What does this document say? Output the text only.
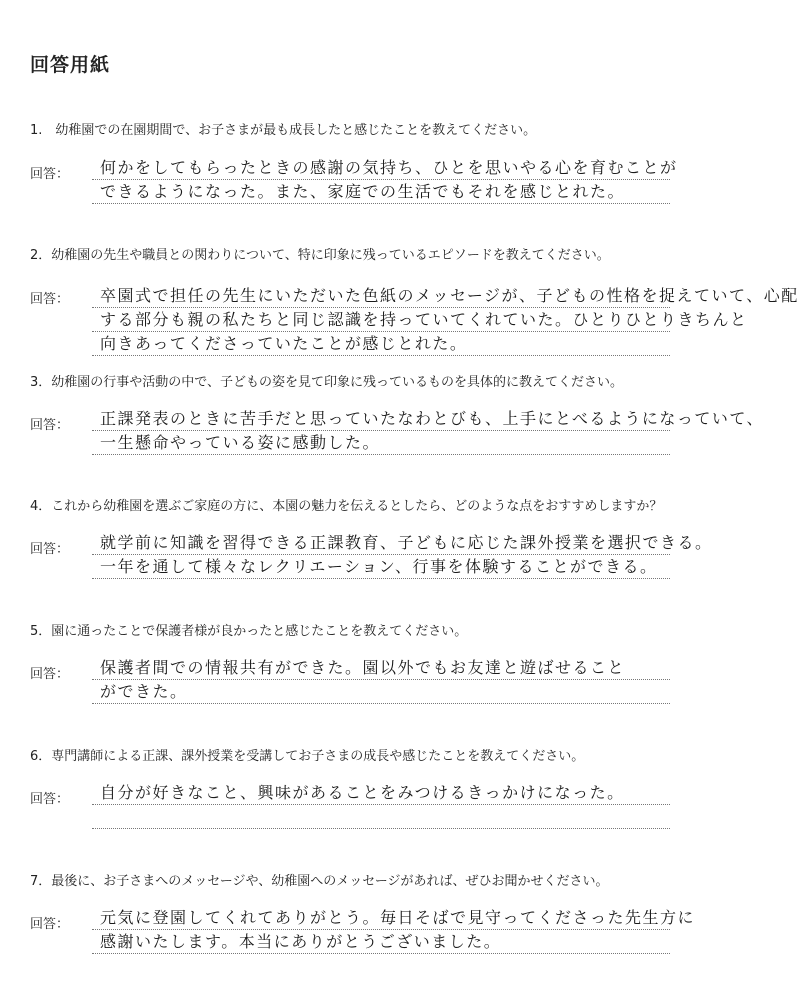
回答用紙
1.　幼稚園での在園期間で、お子さまが最も成長したと感じたことを教えてください。
回答： 何かをしてもらったときの感謝の気持ち、ひとを思いやる心を育むことが
できるようになった。また、家庭での生活でもそれを感じとれた。
2．幼稚園の先生や職員との関わりについて、特に印象に残っているエピソードを教えてください。
回答： 卒園式で担任の先生にいただいた色紙のメッセージが、子どもの性格を捉えていて、心配
する部分も親の私たちと同じ認識を持っていてくれていた。ひとりひとりきちんと
向きあってくださっていたことが感じとれた。
3．幼稚園の行事や活動の中で、子どもの姿を見て印象に残っているものを具体的に教えてください。
回答： 正課発表のときに苦手だと思っていたなわとびも、上手にとべるようになっていて、
一生懸命やっている姿に感動した。
4．これから幼稚園を選ぶご家庭の方に、本園の魅力を伝えるとしたら、どのような点をおすすめしますか？
回答： 就学前に知識を習得できる正課教育、子どもに応じた課外授業を選択できる。
一年を通して様々なレクリエーション、行事を体験することができる。
5．園に通ったことで保護者様が良かったと感じたことを教えてください。
回答： 保護者間での情報共有ができた。園以外でもお友達と遊ばせること
ができた。
6．専門講師による正課、課外授業を受講してお子さまの成長や感じたことを教えてください。
回答： 自分が好きなこと、興味があることをみつけるきっかけになった。
7．最後に、お子さまへのメッセージや、幼稚園へのメッセージがあれば、ぜひお聞かせください。
回答： 元気に登園してくれてありがとう。毎日そばで見守ってくださった先生方に
感謝いたします。本当にありがとうございました。
